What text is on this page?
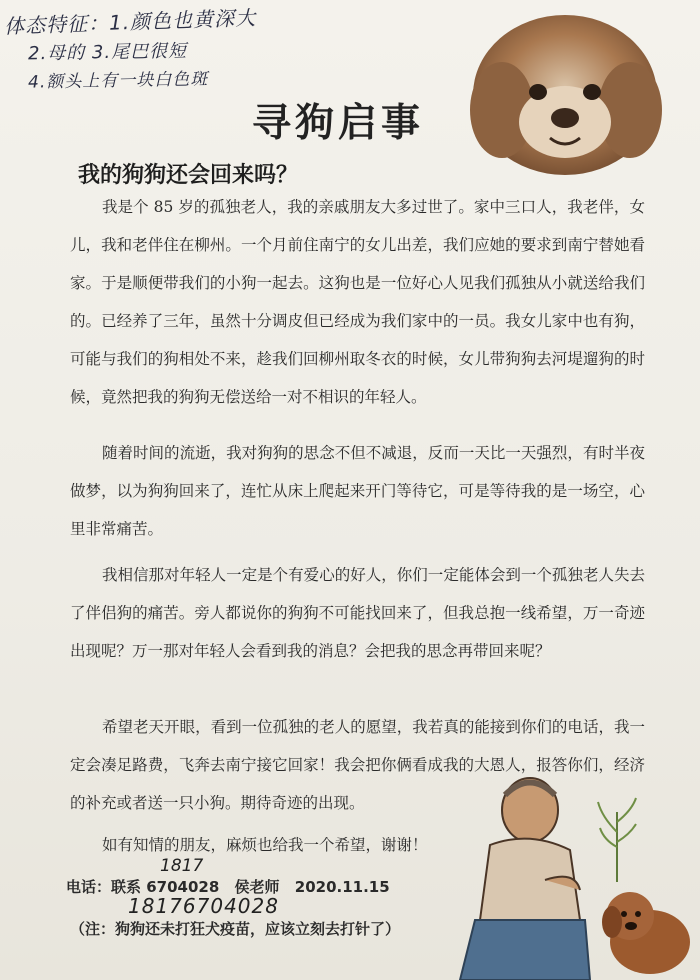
体态特征：1.颜色也黄深大
2.母的 3.尾巴很短
4.额头上有一块白色斑
寻狗启事
我的狗狗还会回来吗？

我是个 85 岁的孤独老人，我的亲戚朋友大多过世了。家中三口人，我老伴，女儿，我和老伴住在柳州。一个月前住南宁的女儿出差，我们应她的要求到南宁替她看家。于是顺便带我们的小狗一起去。这狗也是一位好心人见我们孤独从小就送给我们的。已经养了三年，虽然十分调皮但已经成为我们家中的一员。我女儿家中也有狗，可能与我们的狗相处不来，趁我们回柳州取冬衣的时候，女儿带狗狗去河堤遛狗的时候，竟然把我的狗狗无偿送给一对不相识的年轻人。

随着时间的流逝，我对狗狗的思念不但不减退，反而一天比一天强烈，有时半夜做梦，以为狗狗回来了，连忙从床上爬起来开门等待它，可是等待我的是一场空，心里非常痛苦。

我相信那对年轻人一定是个有爱心的好人，你们一定能体会到一个孤独老人失去了伴侣狗的痛苦。旁人都说你的狗狗不可能找回来了，但我总抱一线希望，万一奇迹出现呢？万一那对年轻人会看到我的消息？会把我的思念再带回来呢？

希望老天开眼，看到一位孤独的老人的愿望，我若真的能接到你们的电话，我一定会凑足路费，飞奔去南宁接它回家！我会把你俩看成我的大恩人，报答你们，经济的补充或者送一只小狗。期待奇迹的出现。

如有知情的朋友，麻烦也给我一个希望，谢谢！

1817
电话：联系 6704028 侯老师 2020.11.15
18176704028
（注：狗狗还未打狂犬疫苗，应该立刻去打针了）
